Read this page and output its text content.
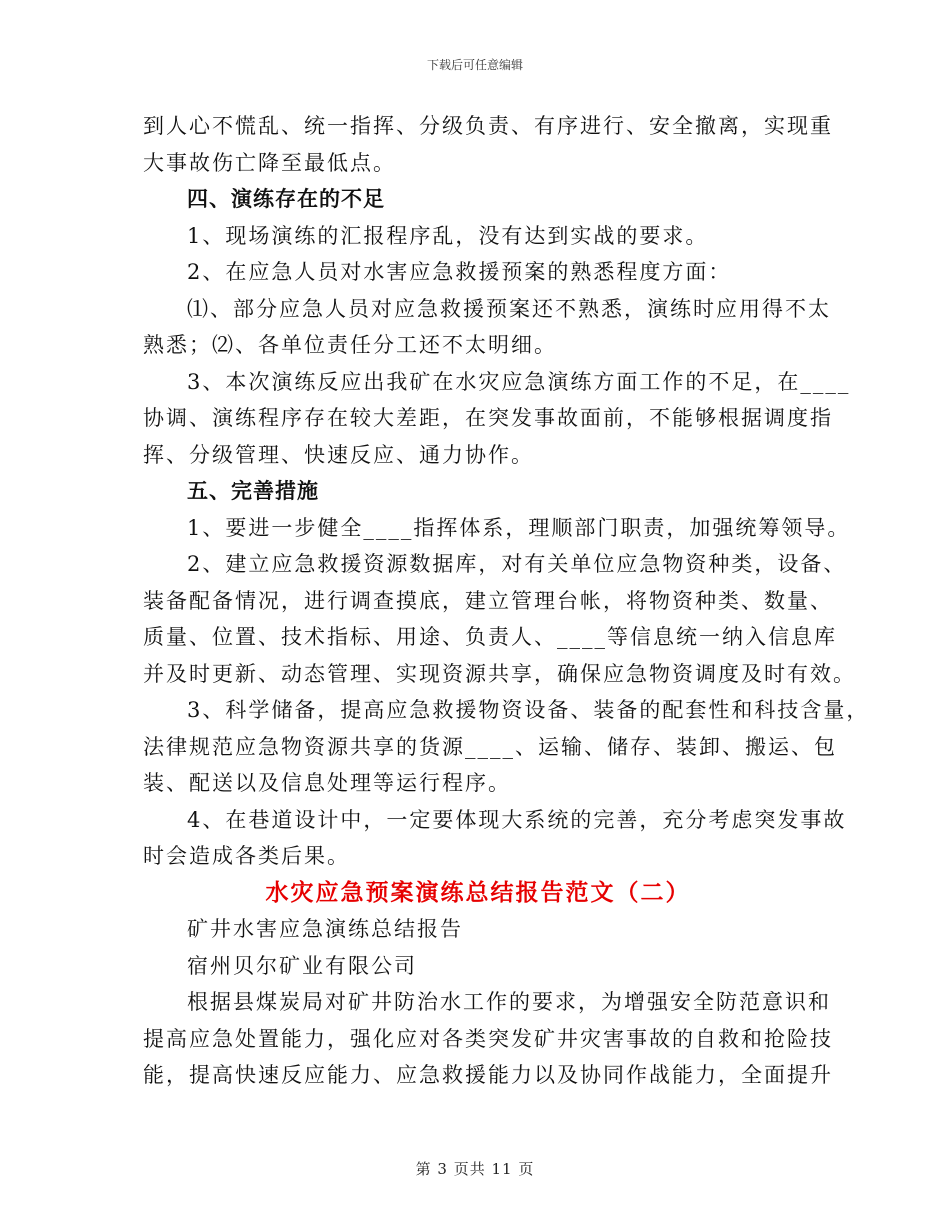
下载后可任意编辑
到人心不慌乱、统一指挥、分级负责、有序进行、安全撤离，实现重
大事故伤亡降至最低点。
四、演练存在的不足
1、现场演练的汇报程序乱，没有达到实战的要求。
2、在应急人员对水害应急救援预案的熟悉程度方面：
⑴、部分应急人员对应急救援预案还不熟悉，演练时应用得不太
熟悉；⑵、各单位责任分工还不太明细。
3、本次演练反应出我矿在水灾应急演练方面工作的不足，在____
协调、演练程序存在较大差距，在突发事故面前，不能够根据调度指
挥、分级管理、快速反应、通力协作。
五、完善措施
1、要进一步健全____指挥体系，理顺部门职责，加强统筹领导。
2、建立应急救援资源数据库，对有关单位应急物资种类，设备、
装备配备情况，进行调查摸底，建立管理台帐，将物资种类、数量、
质量、位置、技术指标、用途、负责人、____等信息统一纳入信息库
并及时更新、动态管理、实现资源共享，确保应急物资调度及时有效。
3、科学储备，提高应急救援物资设备、装备的配套性和科技含量，
法律规范应急物资源共享的货源____、运输、储存、装卸、搬运、包
装、配送以及信息处理等运行程序。
4、在巷道设计中，一定要体现大系统的完善，充分考虑突发事故
时会造成各类后果。
水灾应急预案演练总结报告范文（二）
矿井水害应急演练总结报告
宿州贝尔矿业有限公司
根据县煤炭局对矿井防治水工作的要求，为增强安全防范意识和
提高应急处置能力，强化应对各类突发矿井灾害事故的自救和抢险技
能，提高快速反应能力、应急救援能力以及协同作战能力，全面提升
第 3 页共 11 页
